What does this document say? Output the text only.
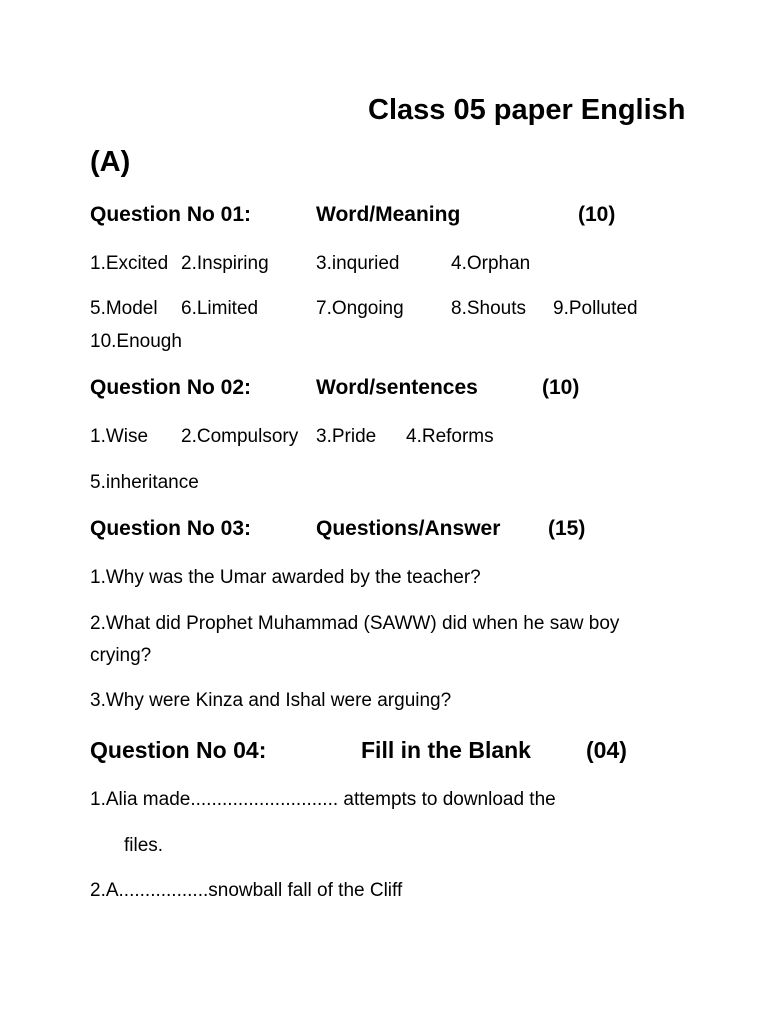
Class 05 paper English
(A)
Question No 01:	Word/Meaning	(10)
1.Excited 2.Inspiring 3.inquried	4.Orphan
5.Model 6.Limited	7.Ongoing 8.Shouts 9.Polluted
10.Enough
Question No 02:	Word/sentences	(10)
1.Wise 2.Compulsory 3.Pride 4.Reforms
5.inheritance
Question No 03:	Questions/Answer (15)
1.Why was the Umar awarded by the teacher?
2.What did Prophet Muhammad (SAWW) did when he saw boy
crying?
3.Why were Kinza and Ishal were arguing?
Question No 04:	Fill in the Blank (04)
1.Alia made............................ attempts to download the
files.
2.A.................snowball fall of the Cliff
